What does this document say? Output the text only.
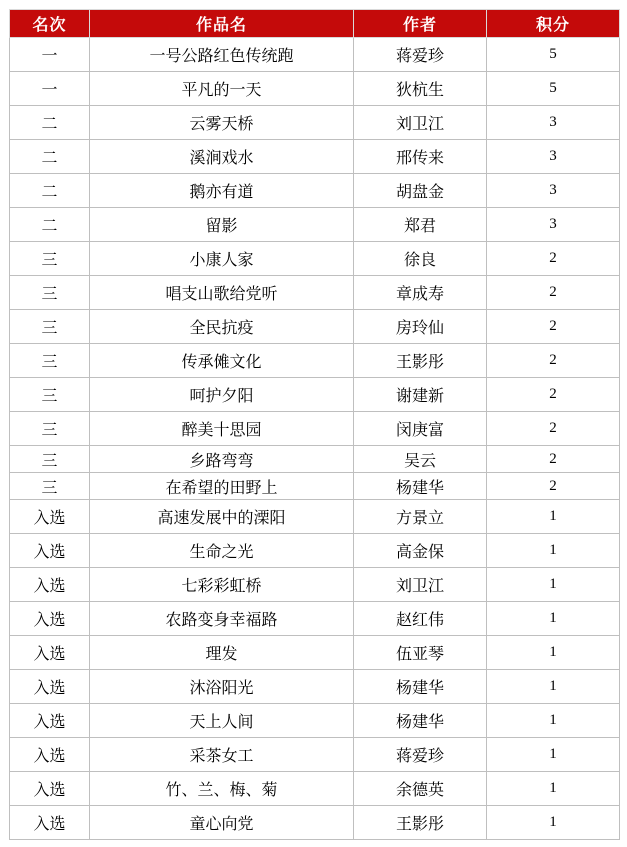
名次	作品名	作者	积分
一	一号公路红色传统跑	蒋爱珍	5
一	平凡的一天	狄杭生	5
二	云雾天桥	刘卫江	3
二	溪涧戏水	邢传来	3
二	鹅亦有道	胡盘金	3
二	留影	郑君	3
三	小康人家	徐良	2
三	唱支山歌给党听	章成寿	2
三	全民抗疫	房玲仙	2
三	传承傩文化	王影彤	2
三	呵护夕阳	谢建新	2
三	醉美十思园	闵庚富	2
三	乡路弯弯	吴云	2
三	在希望的田野上	杨建华	2
入选	高速发展中的溧阳	方景立	1
入选	生命之光	高金保	1
入选	七彩彩虹桥	刘卫江	1
入选	农路变身幸福路	赵红伟	1
入选	理发	伍亚琴	1
入选	沐浴阳光	杨建华	1
入选	天上人间	杨建华	1
入选	采茶女工	蒋爱珍	1
入选	竹、兰、梅、菊	余德英	1
入选	童心向党	王影彤	1
